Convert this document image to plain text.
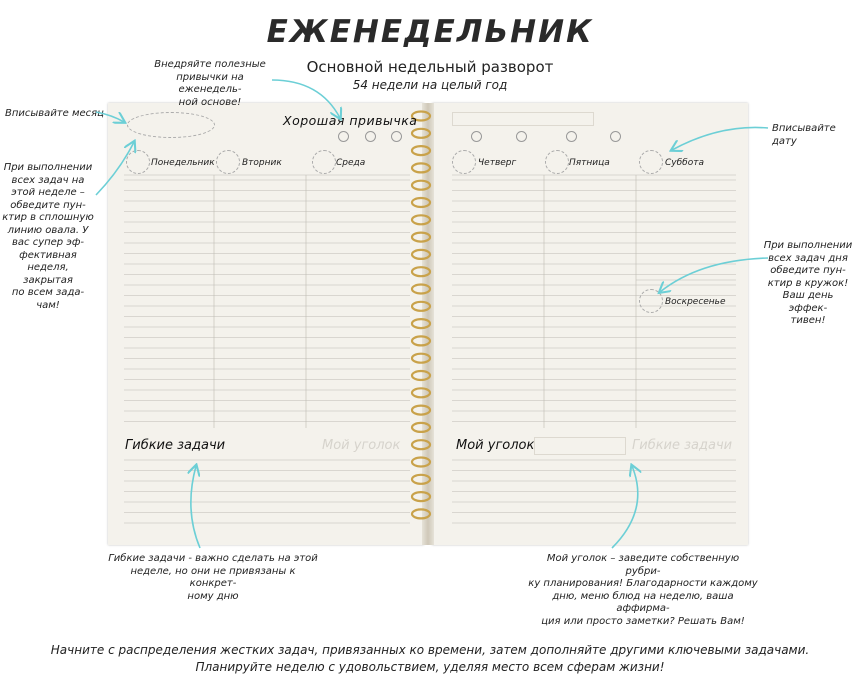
ЕЖЕНЕДЕЛЬНИК
Основной недельный разворот
54 недели на целый год
Хорошая привычка
Понедельник	Вторник	Среда	Четверг	Пятница	Суббота
Воскресенье
Гибкие задачи	Мой уголок	Мой уголок	Гибкие задачи
Внедряйте полезные
привычки на еженедель-
ной основе!
Вписывайте месяц
Вписывайте дату
При выполнении
всех задач на
этой неделе –
обведите пун-
ктир в сплошную
линию овала. У
вас супер эф-
фективная
неделя, закрытая
по всем зада-
чам!
При выполнении
всех задач дня
обведите пун-
ктир в кружок!
Ваш день эффек-
тивен!
Гибкие задачи - важно сделать на этой
неделе, но они не привязаны к конкрет-
ному дню
Мой уголок – заведите собственную рубри-
ку планирования! Благодарности каждому
дню, меню блюд на неделю, ваша аффирма-
ция или просто заметки? Решать Вам!
Начните с распределения жестких задач, привязанных ко времени, затем дополняйте другими ключевыми задачами.
Планируйте неделю с удовольствием, уделяя место всем сферам жизни!
